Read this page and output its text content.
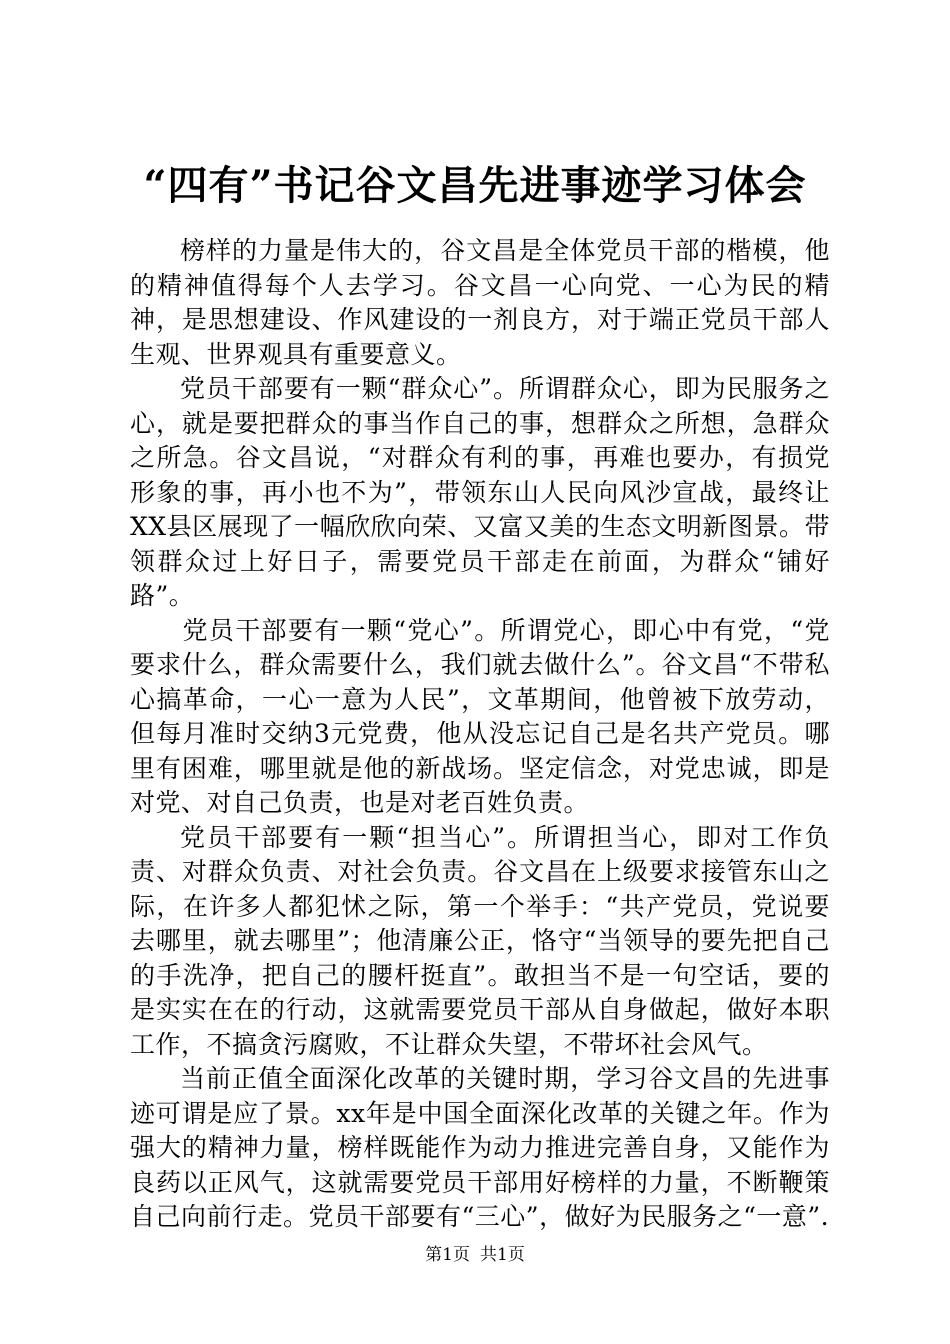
“四有”书记谷文昌先进事迹学习体会

榜样的力量是伟大的，谷文昌是全体党员干部的楷模，他的精神值得每个人去学习。谷文昌一心向党、一心为民的精神，是思想建设、作风建设的一剂良方，对于端正党员干部人生观、世界观具有重要意义。

党员干部要有一颗“群众心”。所谓群众心，即为民服务之心，就是要把群众的事当作自己的事，想群众之所想，急群众之所急。谷文昌说，“对群众有利的事，再难也要办，有损党形象的事，再小也不为”，带领东山人民向风沙宣战，最终让XX县区展现了一幅欣欣向荣、又富又美的生态文明新图景。带领群众过上好日子，需要党员干部走在前面，为群众“铺好路”。

党员干部要有一颗“党心”。所谓党心，即心中有党，“党要求什么，群众需要什么，我们就去做什么”。谷文昌“不带私心搞革命，一心一意为人民”，文革期间，他曾被下放劳动，但每月准时交纳3元党费，他从没忘记自己是名共产党员。哪里有困难，哪里就是他的新战场。坚定信念，对党忠诚，即是对党、对自己负责，也是对老百姓负责。

党员干部要有一颗“担当心”。所谓担当心，即对工作负责、对群众负责、对社会负责。谷文昌在上级要求接管东山之际，在许多人都犯怵之际，第一个举手：“共产党员，党说要去哪里，就去哪里”；他清廉公正，恪守“当领导的要先把自己的手洗净，把自己的腰杆挺直”。敢担当不是一句空话，要的是实实在在的行动，这就需要党员干部从自身做起，做好本职工作，不搞贪污腐败，不让群众失望，不带坏社会风气。

当前正值全面深化改革的关键时期，学习谷文昌的先进事迹可谓是应了景。xx年是中国全面深化改革的关键之年。作为强大的精神力量，榜样既能作为动力推进完善自身，又能作为良药以正风气，这就需要党员干部用好榜样的力量，不断鞭策自己向前行走。党员干部要有“三心”，做好为民服务之“一意”.

第1页 共1页
